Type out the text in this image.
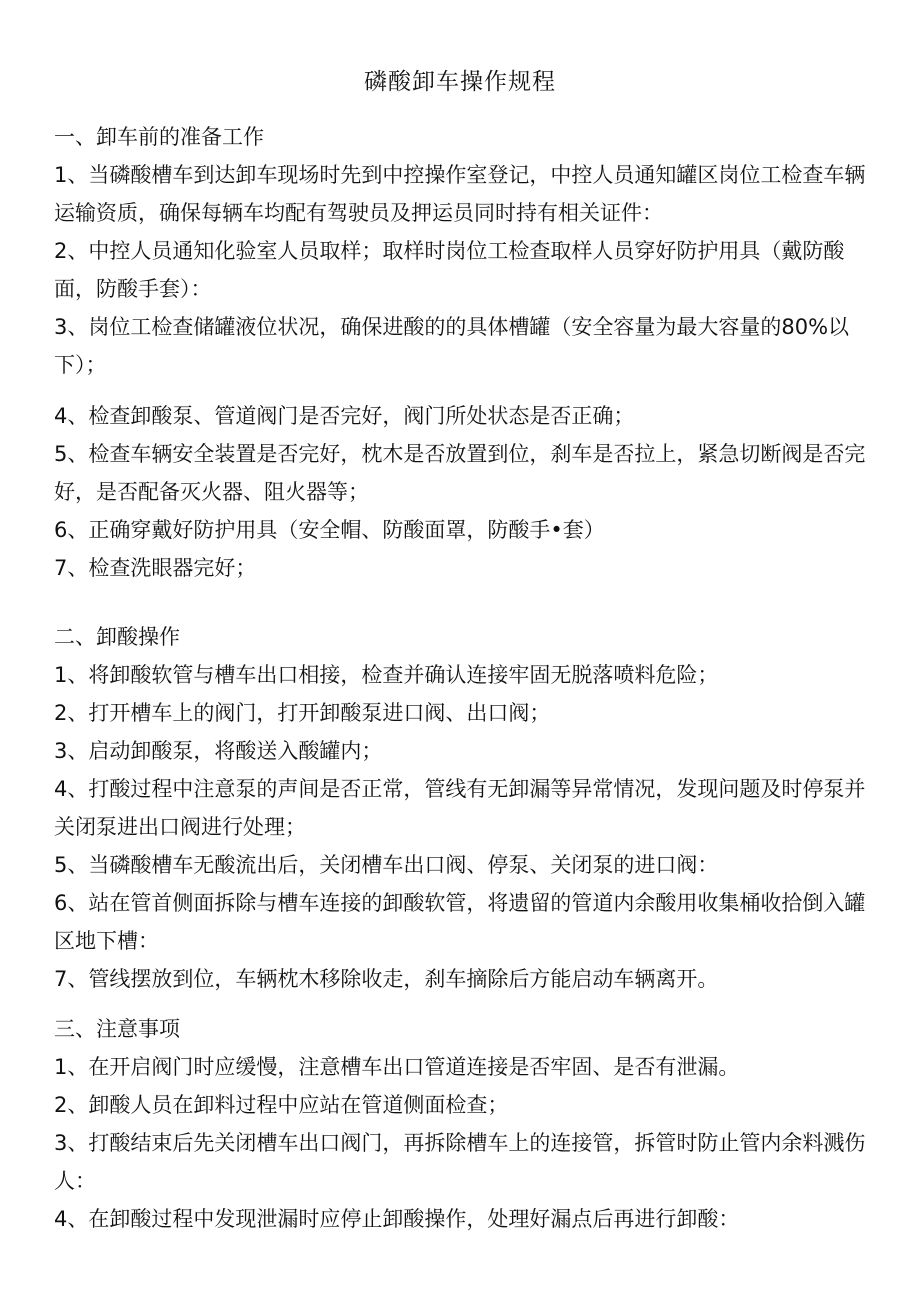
磷酸卸车操作规程

一、卸车前的准备工作

1、当磷酸槽车到达卸车现场时先到中控操作室登记，中控人员通知罐区岗位工检查车辆运输资质，确保每辆车均配有驾驶员及押运员同时持有相关证件：

2、中控人员通知化验室人员取样；取样时岗位工检查取样人员穿好防护用具（戴防酸面，防酸手套）：

3、岗位工检查储罐液位状况，确保进酸的的具体槽罐（安全容量为最大容量的80%以下）；

4、检查卸酸泵、管道阀门是否完好，阀门所处状态是否正确；

5、检查车辆安全装置是否完好，枕木是否放置到位，刹车是否拉上，紧急切断阀是否完好，是否配备灭火器、阻火器等；

6、正确穿戴好防护用具（安全帽、防酸面罩，防酸手•套）

7、检查洗眼器完好；

二、卸酸操作

1、将卸酸软管与槽车出口相接，检查并确认连接牢固无脱落喷料危险；

2、打开槽车上的阀门，打开卸酸泵进口阀、出口阀；

3、启动卸酸泵，将酸送入酸罐内；

4、打酸过程中注意泵的声间是否正常，管线有无卸漏等异常情况，发现问题及时停泵并关闭泵进出口阀进行处理；

5、当磷酸槽车无酸流出后，关闭槽车出口阀、停泵、关闭泵的进口阀：

6、站在管首侧面拆除与槽车连接的卸酸软管，将遗留的管道内余酸用收集桶收拾倒入罐区地下槽：

7、管线摆放到位，车辆枕木移除收走，刹车摘除后方能启动车辆离开。

三、注意事项

1、在开启阀门时应缓慢，注意槽车出口管道连接是否牢固、是否有泄漏。

2、卸酸人员在卸料过程中应站在管道侧面检查；

3、打酸结束后先关闭槽车出口阀门，再拆除槽车上的连接管，拆管时防止管内余料溅伤人：

4、在卸酸过程中发现泄漏时应停止卸酸操作，处理好漏点后再进行卸酸：
